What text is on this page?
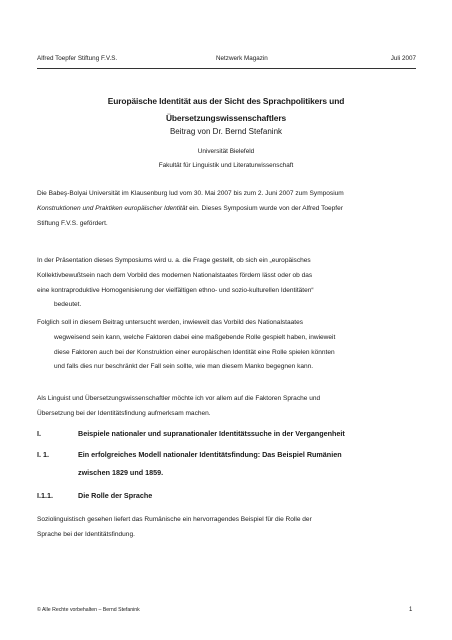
Alfred Toepfer Stiftung F.V.S.	Netzwerk Magazin	Juli 2007
Europäische Identität aus der Sicht des Sprachpolitikers und
Übersetzungswissenschaftlers
Beitrag von Dr. Bernd Stefanink
Universität Bielefeld
Fakultät für Linguistik und Literaturwissenschaft
Die Babeş-Bolyai Universität im Klausenburg lud vom 30. Mai 2007 bis zum 2. Juni 2007 zum Symposium
Konstruktionen und Praktiken europäischer Identität ein. Dieses Symposium wurde von der Alfred Toepfer
Stiftung F.V.S. gefördert.
In der Präsentation dieses Symposiums wird u. a. die Frage gestellt, ob sich ein „europäisches
Kollektivbewußtsein nach dem Vorbild des modernen Nationalstaates fördern lässt oder ob das
eine kontraproduktive Homogenisierung der vielfältigen ethno- und sozio-kulturellen Identitäten“
bedeutet.
Folglich soll in diesem Beitrag untersucht werden, inwieweit das Vorbild des Nationalstaates
wegweisend sein kann, welche Faktoren dabei eine maßgebende Rolle gespielt haben, inwieweit
diese Faktoren auch bei der Konstruktion einer europäischen Identität eine Rolle spielen könnten
und falls dies nur beschränkt der Fall sein sollte, wie man diesem Manko begegnen kann.
Als Linguist und Übersetzungswissenschaftler möchte ich vor allem auf die Faktoren Sprache und
Übersetzung bei der Identitätsfindung aufmerksam machen.
I.	Beispiele nationaler und supranationaler Identitätssuche in der Vergangenheit
I. 1.	Ein erfolgreiches Modell nationaler Identitätsfindung: Das Beispiel Rumänien
zwischen 1829 und 1859.
I.1.1.	Die Rolle der Sprache
Soziolinguistisch gesehen liefert das Rumänische ein hervorragendes Beispiel für die Rolle der
Sprache bei der Identitätsfindung.
© Alle Rechte vorbehalten – Bernd Stefanink	1
